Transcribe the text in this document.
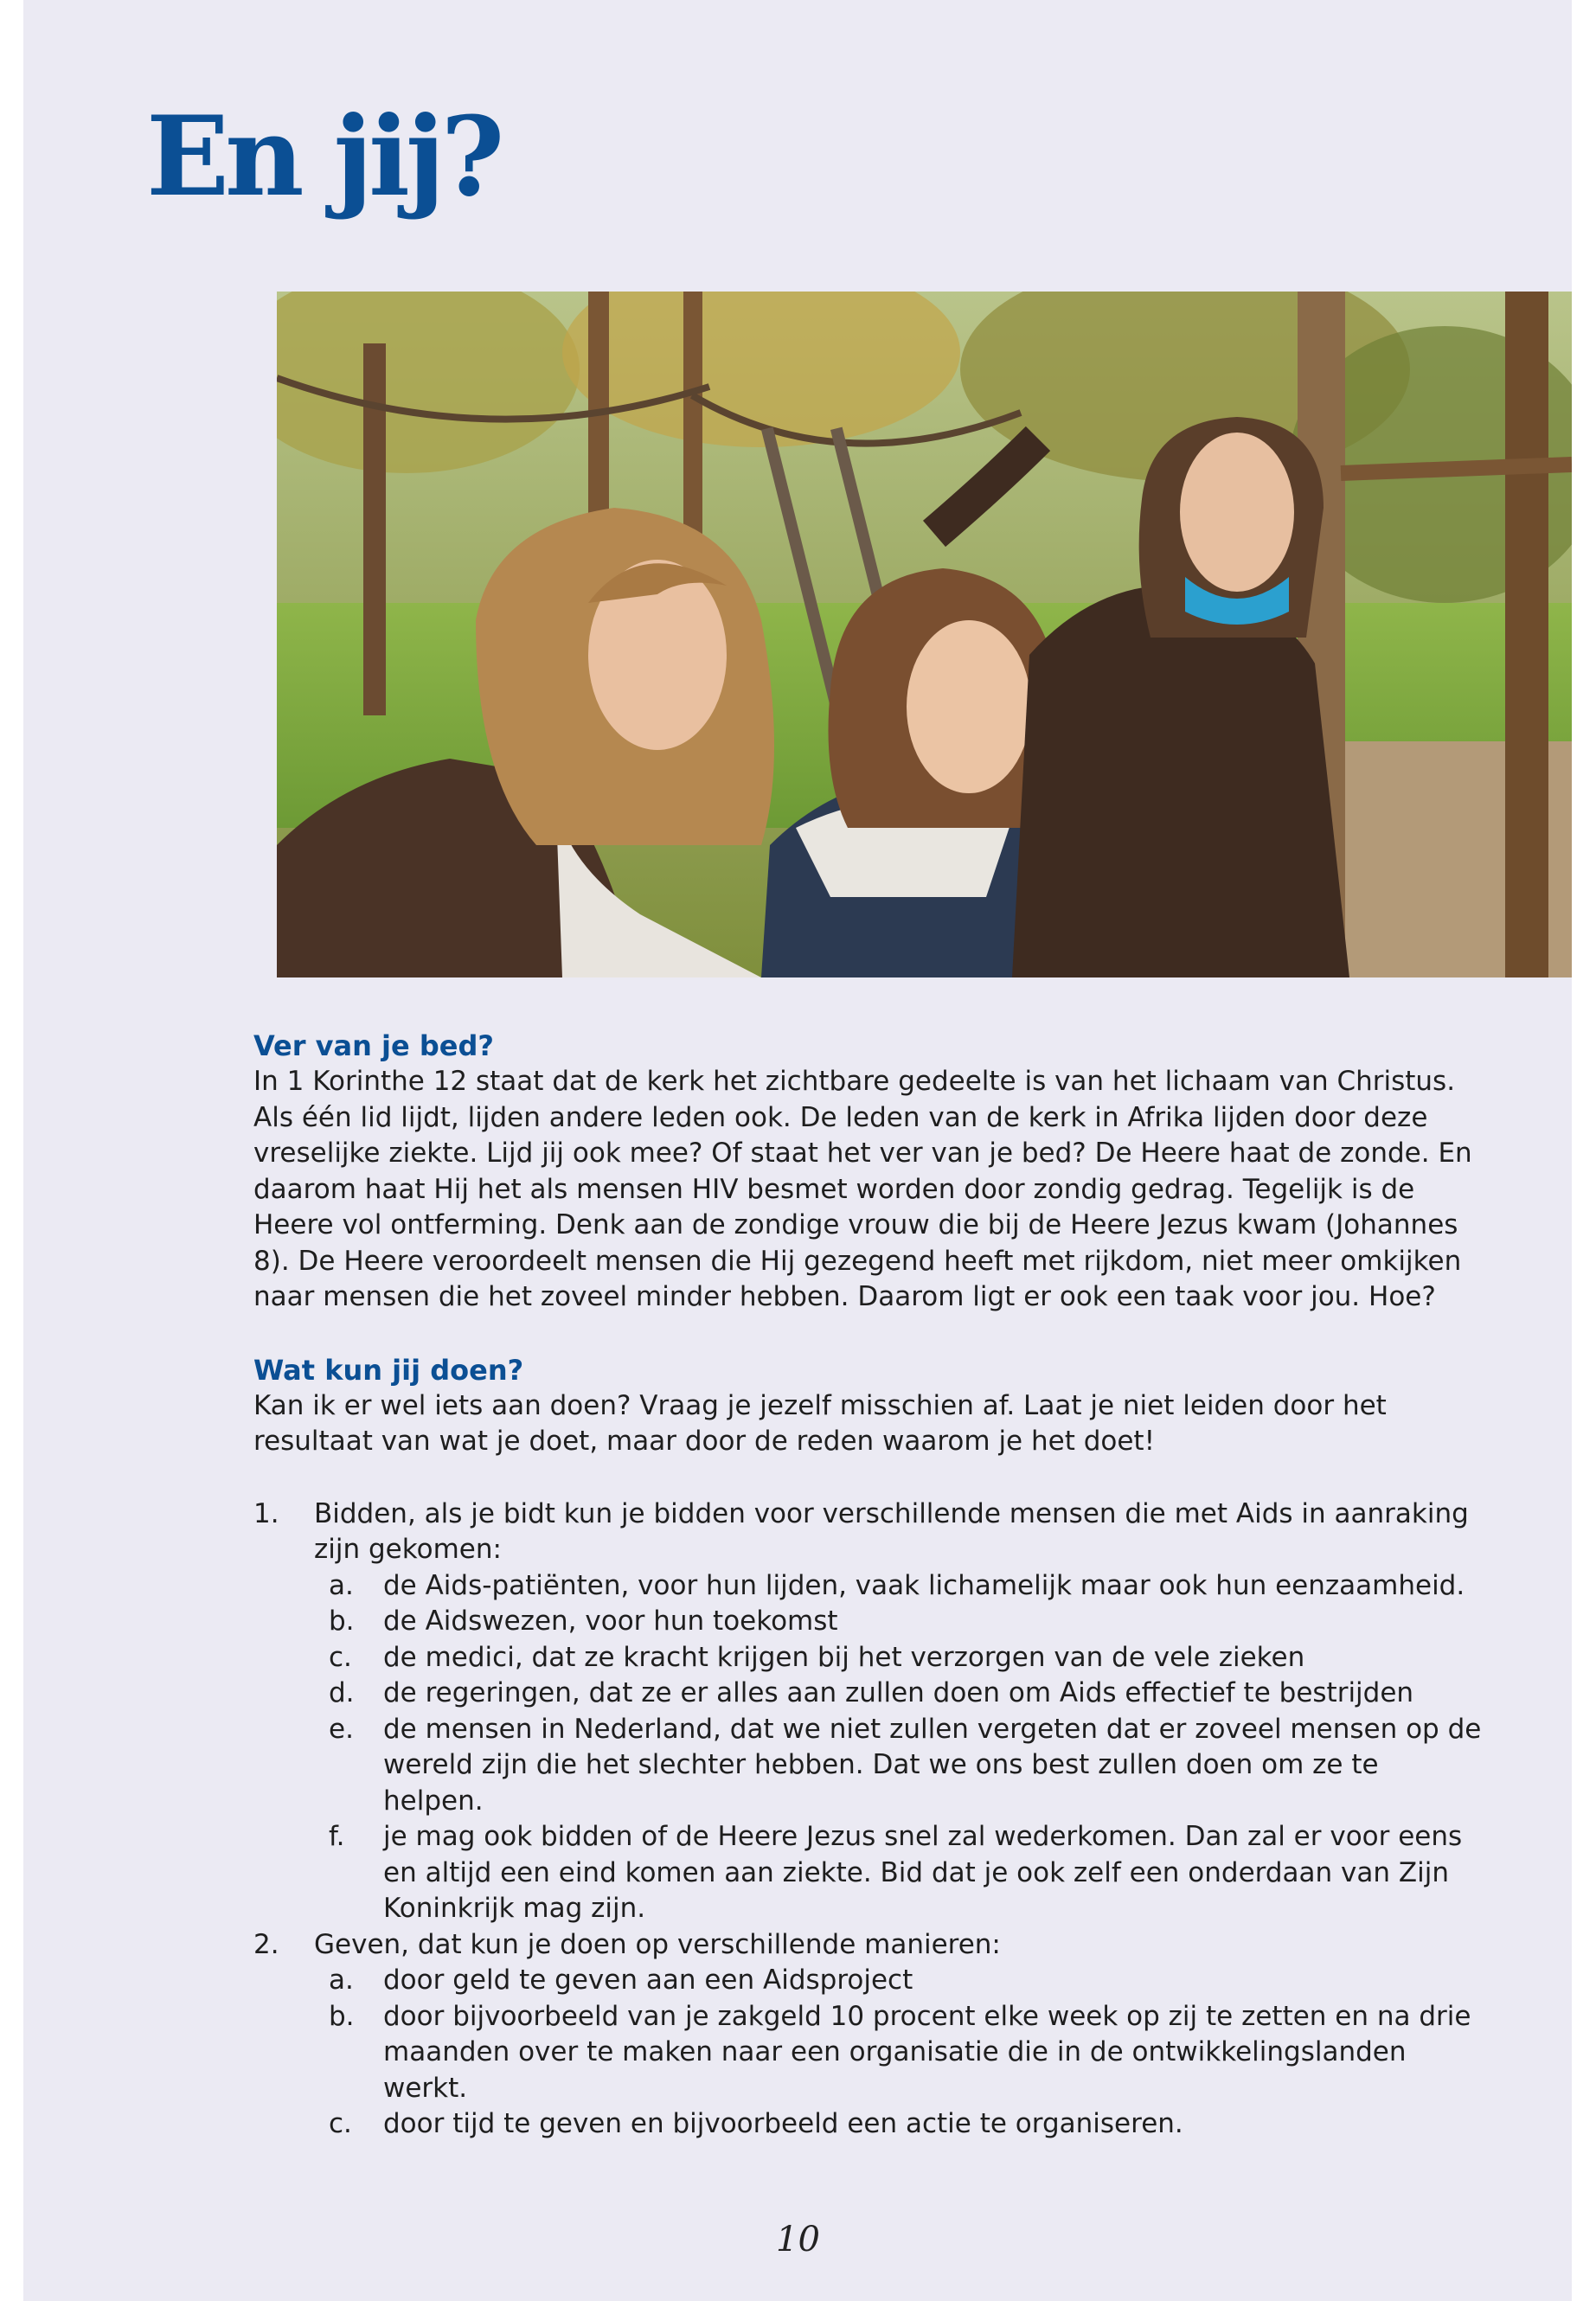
En jij?
Ver van je bed?

In 1 Korinthe 12 staat dat de kerk het zichtbare gedeelte is van het lichaam van Christus. Als één lid lijdt, lijden andere leden ook. De leden van de kerk in Afrika lijden door deze vreselijke ziekte. Lijd jij ook mee? Of staat het ver van je bed? De Heere haat de zonde. En daarom haat Hij het als mensen HIV besmet worden door zondig gedrag. Tegelijk is de Heere vol ontferming. Denk aan de zondige vrouw die bij de Heere Jezus kwam (Johannes 8). De Heere veroordeelt mensen die Hij gezegend heeft met rijkdom, niet meer omkijken naar mensen die het zoveel minder hebben. Daarom ligt er ook een taak voor jou. Hoe?

Wat kun jij doen?

Kan ik er wel iets aan doen? Vraag je jezelf misschien af. Laat je niet leiden door het resultaat van wat je doet, maar door de reden waarom je het doet!

1.	Bidden, als je bidt kun je bidden voor verschillende mensen die met Aids in aanraking zijn gekomen:
a.	de Aids-patiënten, voor hun lijden, vaak lichamelijk maar ook hun eenzaamheid.
b.	de Aidswezen, voor hun toekomst
c.	de medici, dat ze kracht krijgen bij het verzorgen van de vele zieken
d.	de regeringen, dat ze er alles aan zullen doen om Aids effectief te bestrijden
e.	de mensen in Nederland, dat we niet zullen vergeten dat er zoveel mensen op de wereld zijn die het slechter hebben. Dat we ons best zullen doen om ze te helpen.
f.	je mag ook bidden of de Heere Jezus snel zal wederkomen. Dan zal er voor eens en altijd een eind komen aan ziekte. Bid dat je ook zelf een onderdaan van Zijn Koninkrijk mag zijn.
2.	Geven, dat kun je doen op verschillende manieren:
a.	door geld te geven aan een Aidsproject
b.	door bijvoorbeeld van je zakgeld 10 procent elke week op zij te zetten en na drie maanden over te maken naar een organisatie die in de ontwikkelingslanden werkt.
c.	door tijd te geven en bijvoorbeeld een actie te organiseren.
10
